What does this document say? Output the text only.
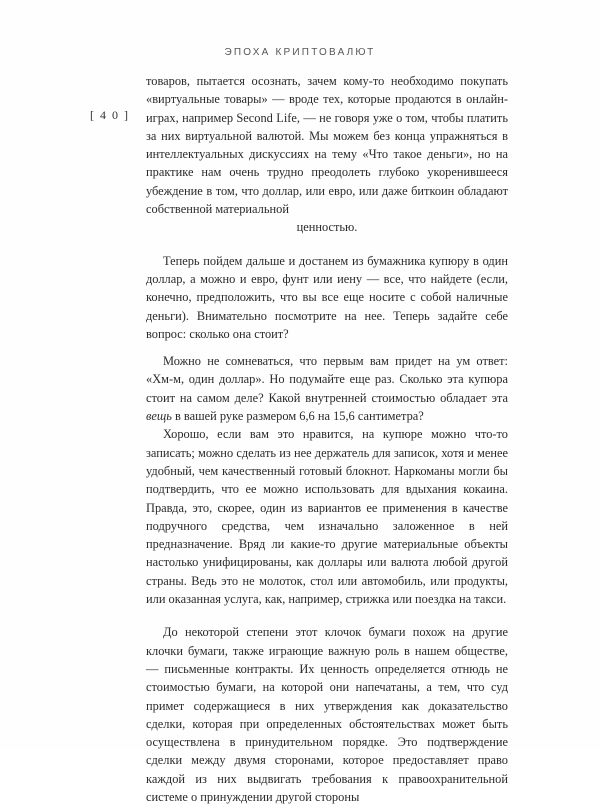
ЭПОХА КРИПТОВАЛЮТ
[ 4 0 ]

товаров, пытается осознать, зачем кому-то необходимо покупать «виртуальные товары» — вроде тех, которые продаются в онлайн-играх, например Second Life, — не говоря уже о том, чтобы платить за них виртуальной валютой. Мы можем без конца упражняться в интеллектуальных дискуссиях на тему «Что такое деньги», но на практике нам очень трудно преодолеть глубоко укоренившееся убеждение в том, что доллар, или евро, или даже биткоин обладают собственной материальной
ценностью.

Теперь пойдем дальше и достанем из бумажника купюру в один доллар, а можно и евро, фунт или иену — все, что найдете (если, конечно, предположить, что вы все еще носите с собой наличные деньги). Внимательно посмотрите на нее. Теперь задайте себе вопрос: сколько она стоит?

Можно не сомневаться, что первым вам придет на ум ответ: «Хм-м, один доллар». Но подумайте еще раз. Сколько эта купюра стоит на самом деле? Какой внутренней стоимостью обладает эта вещь в вашей руке размером 6,6 на 15,6 сантиметра?

Хорошо, если вам это нравится, на купюре можно что-то записать; можно сделать из нее держатель для записок, хотя и менее удобный, чем качественный готовый блокнот. Наркоманы могли бы подтвердить, что ее можно использовать для вдыхания кокаина. Правда, это, скорее, один из вариантов ее применения в качестве подручного средства, чем изначально заложенное в ней предназначение. Вряд ли какие-то другие материальные объекты настолько унифицированы, как доллары или валюта любой другой страны. Ведь это не молоток, стол или автомобиль, или продукты, или оказанная услуга, как, например, стрижка или поездка на такси.

До некоторой степени этот клочок бумаги похож на другие клочки бумаги, также играющие важную роль в нашем обществе, — письменные контракты. Их ценность определяется отнюдь не стоимостью бумаги, на которой они напечатаны, а тем, что суд примет содержащиеся в них утверждения как доказательство сделки, которая при определенных обстоятельствах может быть осуществлена в принудительном порядке. Это подтверждение сделки между двумя сторонами, которое предоставляет право каждой из них выдвигать требования к правоохранительной системе о принуждении другой стороны
